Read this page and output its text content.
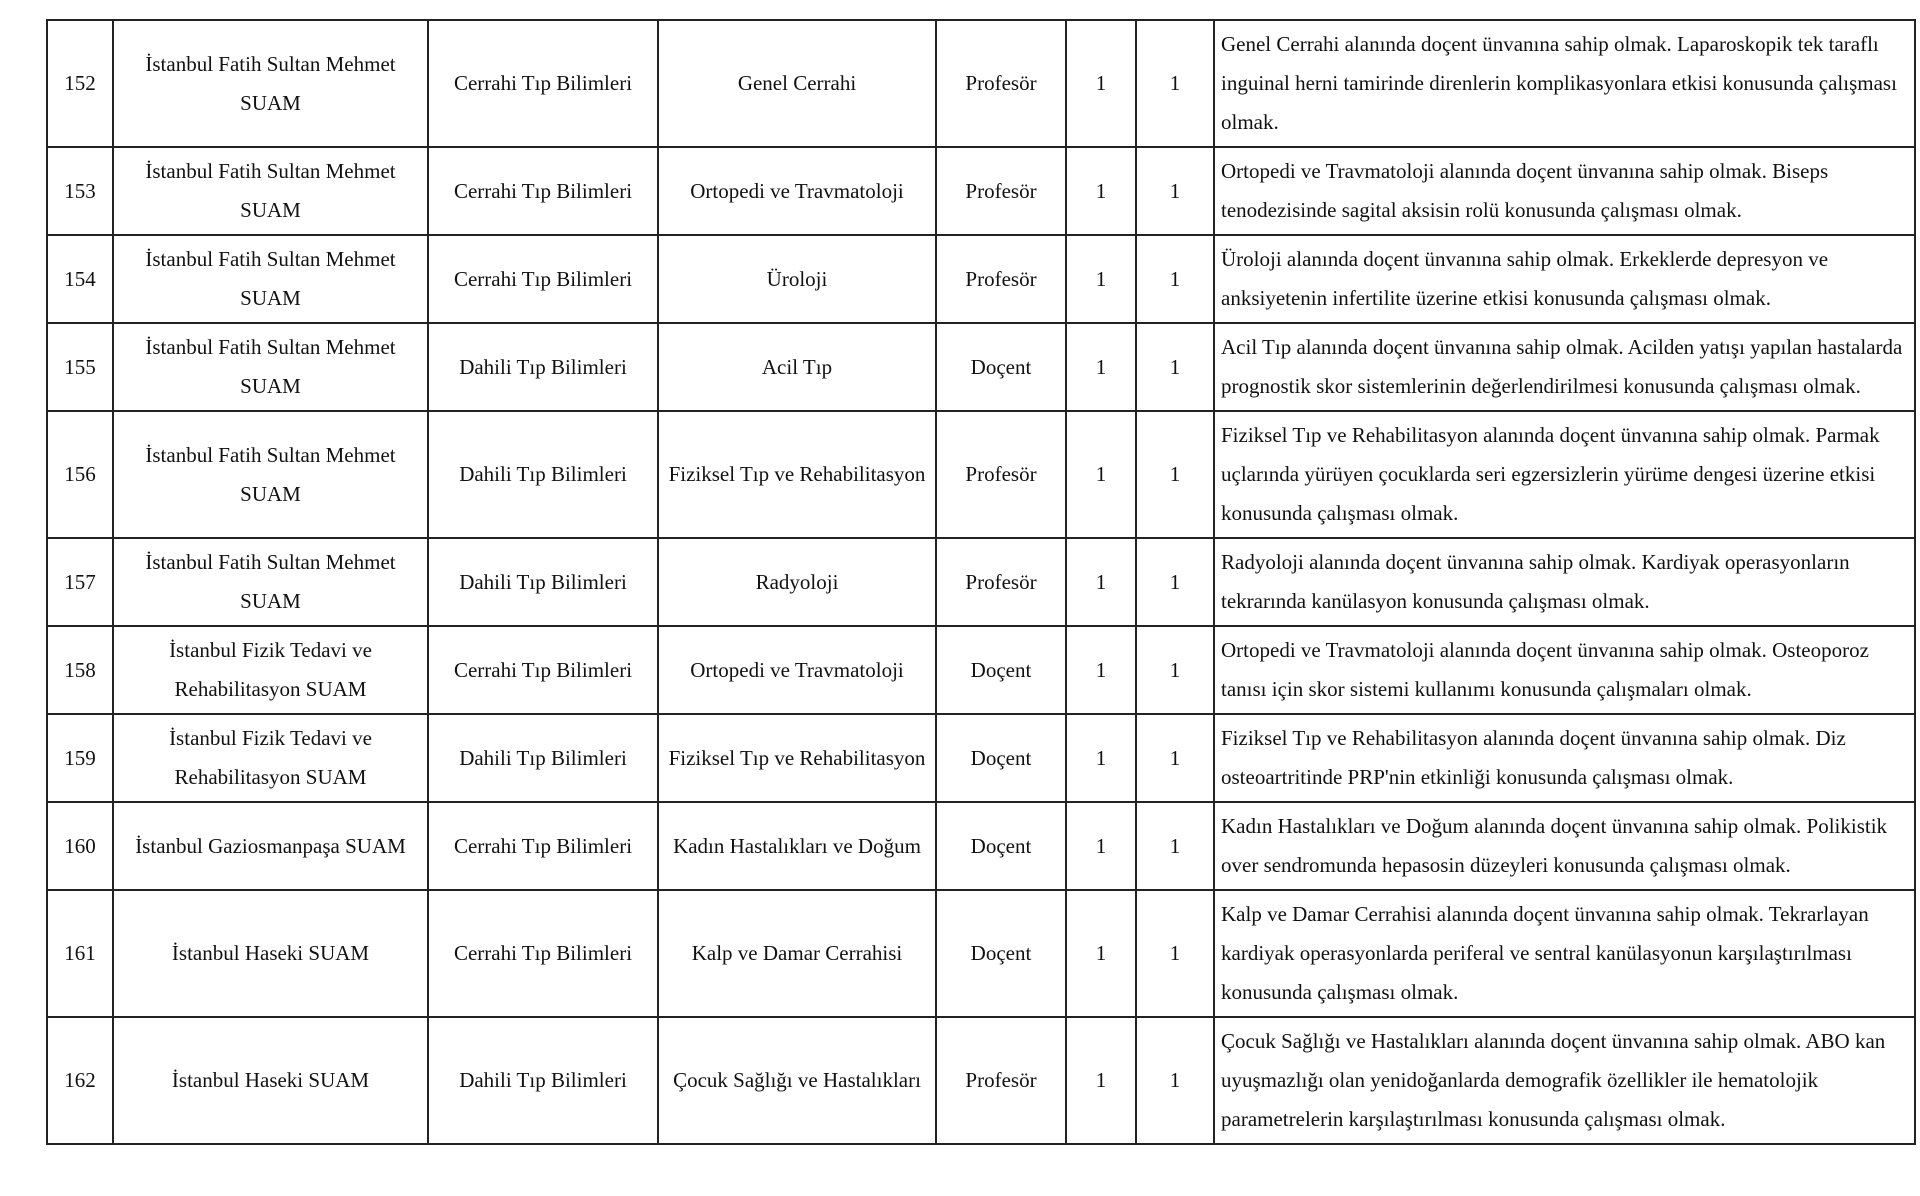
152	İstanbul Fatih Sultan Mehmet SUAM	Cerrahi Tıp Bilimleri	Genel Cerrahi	Profesör	1	1	Genel Cerrahi alanında doçent ünvanına sahip olmak. Laparoskopik tek taraflı inguinal herni tamirinde direnlerin komplikasyonlara etkisi konusunda çalışması olmak.
153	İstanbul Fatih Sultan Mehmet SUAM	Cerrahi Tıp Bilimleri	Ortopedi ve Travmatoloji	Profesör	1	1	Ortopedi ve Travmatoloji alanında doçent ünvanına sahip olmak. Biseps tenodezisinde sagital aksisin rolü konusunda çalışması olmak.
154	İstanbul Fatih Sultan Mehmet SUAM	Cerrahi Tıp Bilimleri	Üroloji	Profesör	1	1	Üroloji alanında doçent ünvanına sahip olmak. Erkeklerde depresyon ve anksiyetenin infertilite üzerine etkisi konusunda çalışması olmak.
155	İstanbul Fatih Sultan Mehmet SUAM	Dahili Tıp Bilimleri	Acil Tıp	Doçent	1	1	Acil Tıp alanında doçent ünvanına sahip olmak. Acilden yatışı yapılan hastalarda prognostik skor sistemlerinin değerlendirilmesi konusunda çalışması olmak.
156	İstanbul Fatih Sultan Mehmet SUAM	Dahili Tıp Bilimleri	Fiziksel Tıp ve Rehabilitasyon	Profesör	1	1	Fiziksel Tıp ve Rehabilitasyon alanında doçent ünvanına sahip olmak. Parmak uçlarında yürüyen çocuklarda seri egzersizlerin yürüme dengesi üzerine etkisi konusunda çalışması olmak.
157	İstanbul Fatih Sultan Mehmet SUAM	Dahili Tıp Bilimleri	Radyoloji	Profesör	1	1	Radyoloji alanında doçent ünvanına sahip olmak. Kardiyak operasyonların tekrarında kanülasyon konusunda çalışması olmak.
158	İstanbul Fizik Tedavi ve Rehabilitasyon SUAM	Cerrahi Tıp Bilimleri	Ortopedi ve Travmatoloji	Doçent	1	1	Ortopedi ve Travmatoloji alanında doçent ünvanına sahip olmak. Osteoporoz tanısı için skor sistemi kullanımı konusunda çalışmaları olmak.
159	İstanbul Fizik Tedavi ve Rehabilitasyon SUAM	Dahili Tıp Bilimleri	Fiziksel Tıp ve Rehabilitasyon	Doçent	1	1	Fiziksel Tıp ve Rehabilitasyon alanında doçent ünvanına sahip olmak. Diz osteoartritinde PRP'nin etkinliği konusunda çalışması olmak.
160	İstanbul Gaziosmanpaşa SUAM	Cerrahi Tıp Bilimleri	Kadın Hastalıkları ve Doğum	Doçent	1	1	Kadın Hastalıkları ve Doğum alanında doçent ünvanına sahip olmak. Polikistik over sendromunda hepasosin düzeyleri konusunda çalışması olmak.
161	İstanbul Haseki SUAM	Cerrahi Tıp Bilimleri	Kalp ve Damar Cerrahisi	Doçent	1	1	Kalp ve Damar Cerrahisi alanında doçent ünvanına sahip olmak. Tekrarlayan kardiyak operasyonlarda periferal ve sentral kanülasyonun karşılaştırılması konusunda çalışması olmak.
162	İstanbul Haseki SUAM	Dahili Tıp Bilimleri	Çocuk Sağlığı ve Hastalıkları	Profesör	1	1	Çocuk Sağlığı ve Hastalıkları alanında doçent ünvanına sahip olmak. ABO kan uyuşmazlığı olan yenidoğanlarda demografik özellikler ile hematolojik parametrelerin karşılaştırılması konusunda çalışması olmak.
